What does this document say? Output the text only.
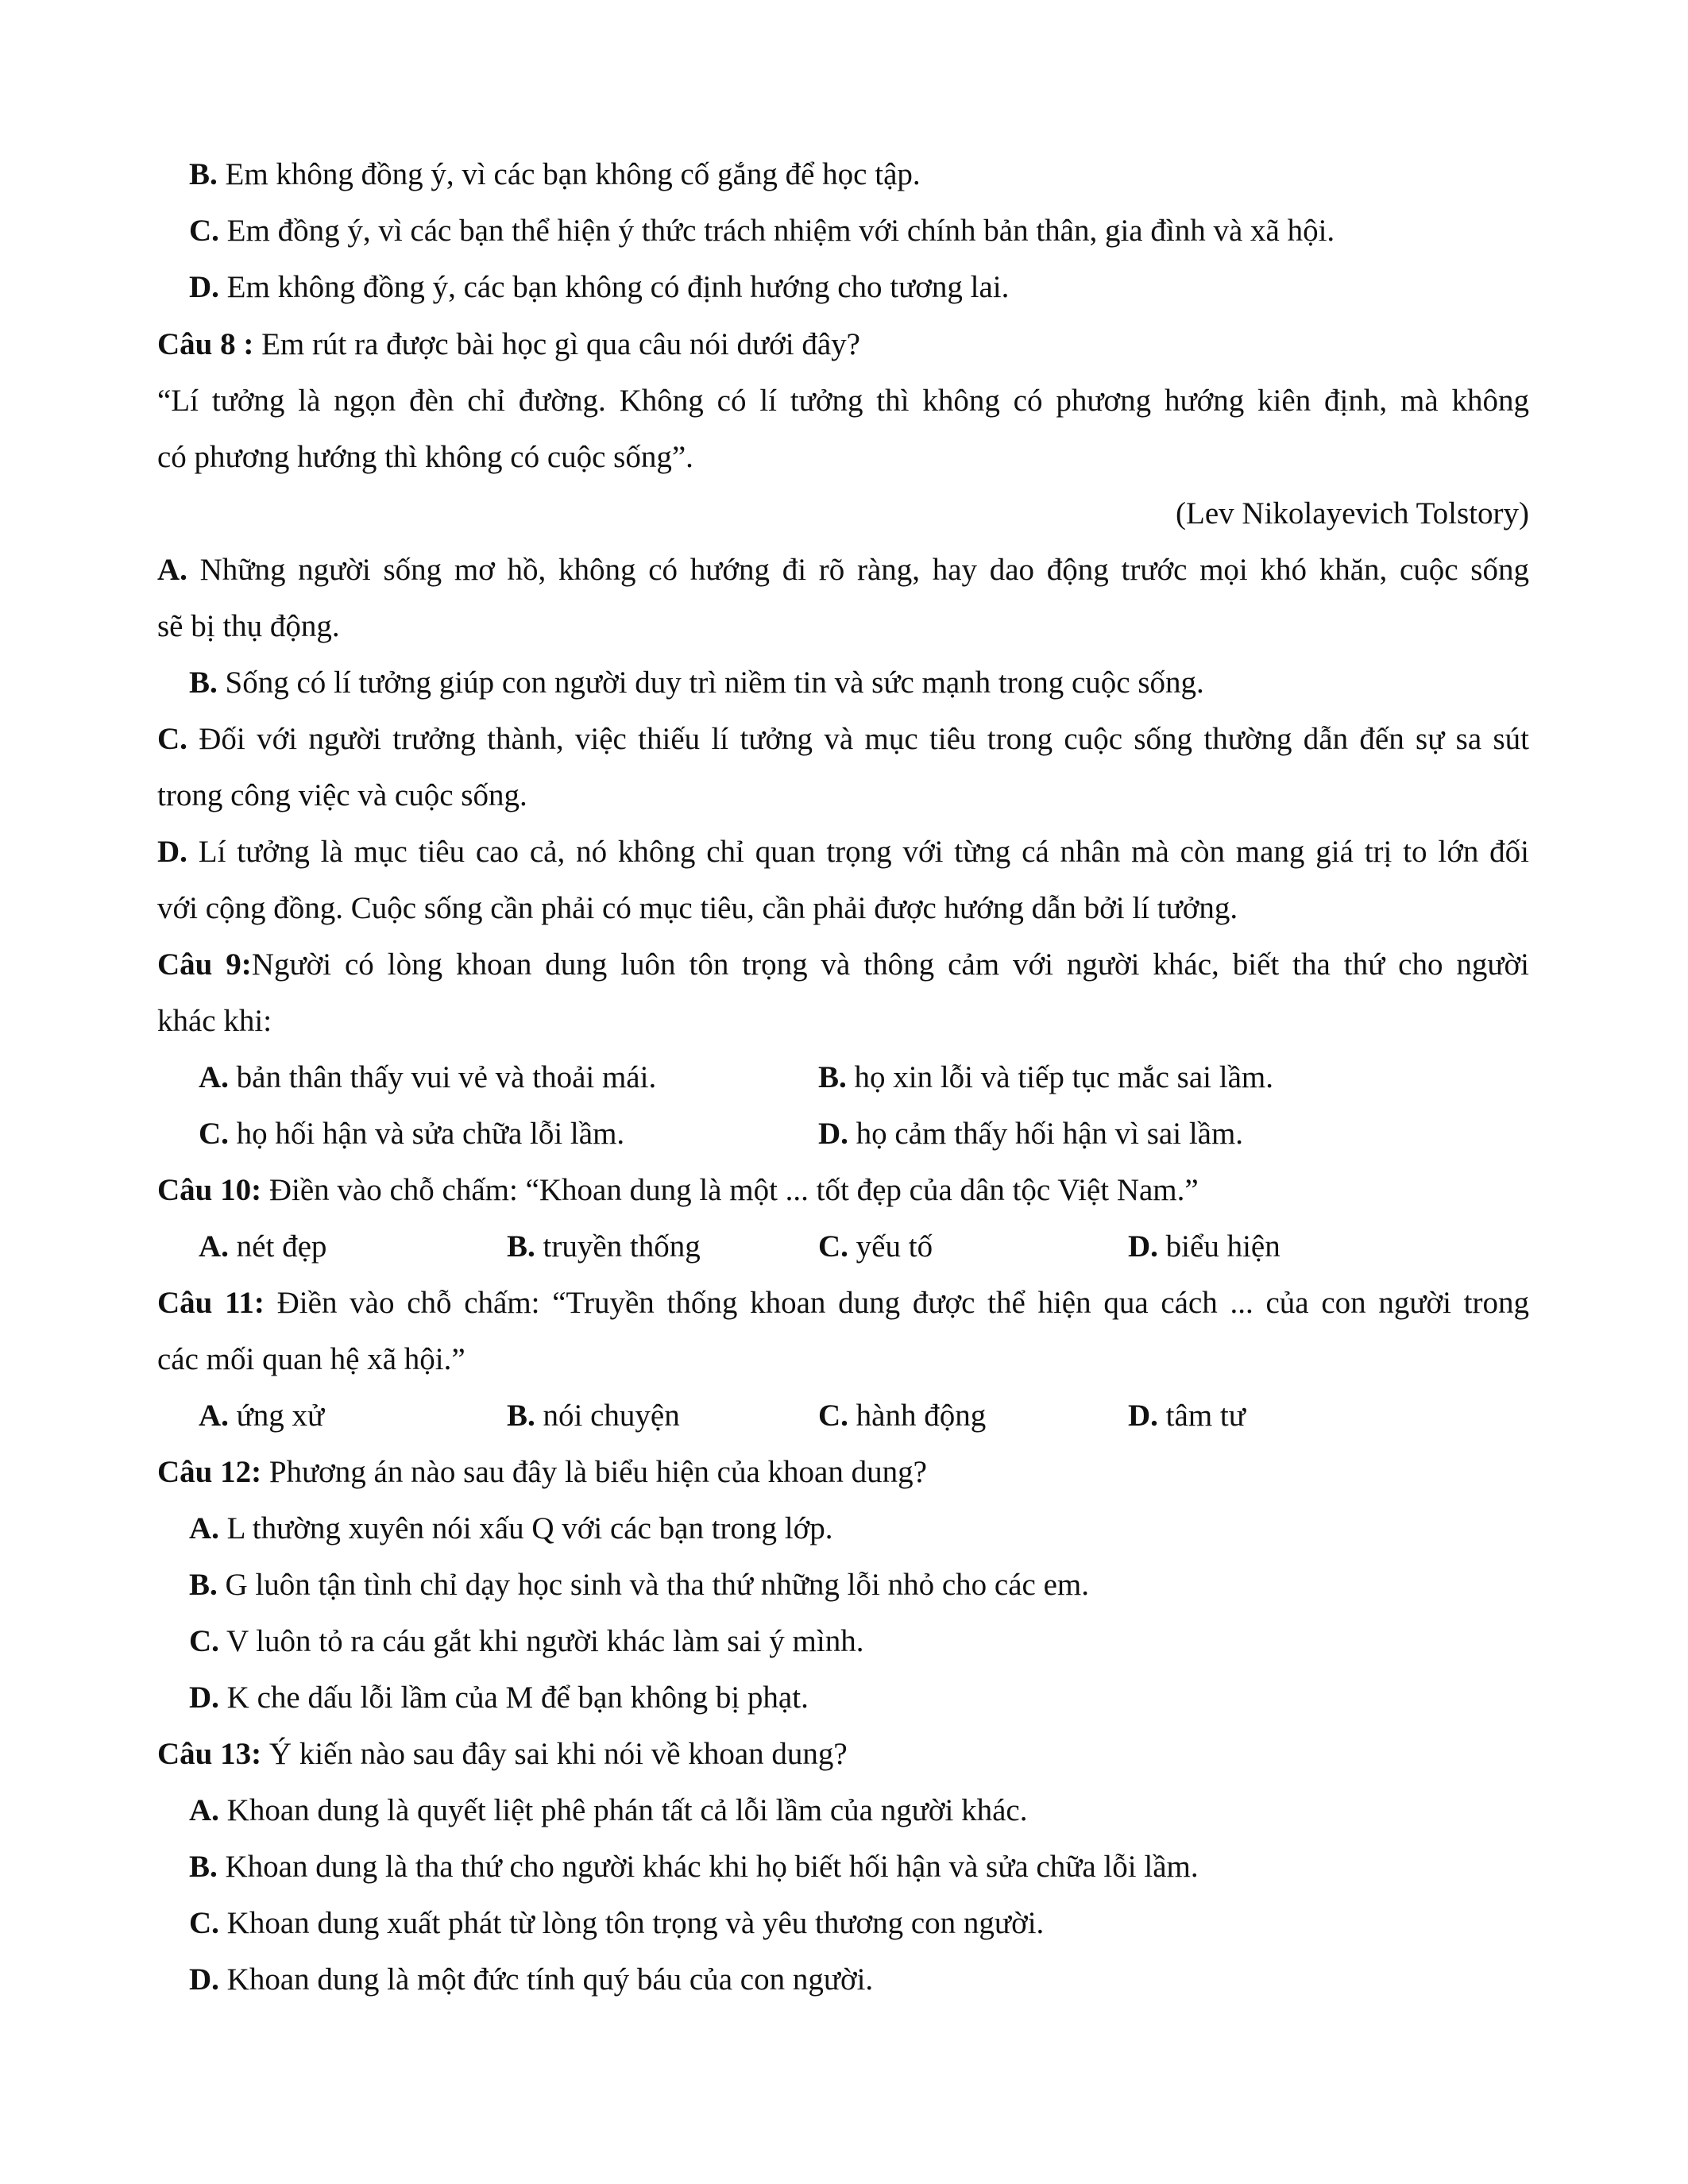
B. Em không đồng ý, vì các bạn không cố gắng để học tập.
C. Em đồng ý, vì các bạn thể hiện ý thức trách nhiệm với chính bản thân, gia đình và xã hội.
D. Em không đồng ý, các bạn không có định hướng cho tương lai.
Câu 8 : Em rút ra được bài học gì qua câu nói dưới đây?
“Lí tưởng là ngọn đèn chỉ đường. Không có lí tưởng thì không có phương hướng kiên định, mà không
có phương hướng thì không có cuộc sống”.
(Lev Nikolayevich Tolstory)
A. Những người sống mơ hồ, không có hướng đi rõ ràng, hay dao động trước mọi khó khăn, cuộc sống
sẽ bị thụ động.
B. Sống có lí tưởng giúp con người duy trì niềm tin và sức mạnh trong cuộc sống.
C. Đối với người trưởng thành, việc thiếu lí tưởng và mục tiêu trong cuộc sống thường dẫn đến sự sa sút
trong công việc và cuộc sống.
D. Lí tưởng là mục tiêu cao cả, nó không chỉ quan trọng với từng cá nhân mà còn mang giá trị to lớn đối
với cộng đồng. Cuộc sống cần phải có mục tiêu, cần phải được hướng dẫn bởi lí tưởng.
Câu 9:Người có lòng khoan dung luôn tôn trọng và thông cảm với người khác, biết tha thứ cho người
khác khi:
A. bản thân thấy vui vẻ và thoải mái.	B. họ xin lỗi và tiếp tục mắc sai lầm.
C. họ hối hận và sửa chữa lỗi lầm.	D. họ cảm thấy hối hận vì sai lầm.
Câu 10: Điền vào chỗ chấm: “Khoan dung là một ... tốt đẹp của dân tộc Việt Nam.”
A. nét đẹp	B. truyền thống	C. yếu tố	D. biểu hiện
Câu 11: Điền vào chỗ chấm: “Truyền thống khoan dung được thể hiện qua cách ... của con người trong
các mối quan hệ xã hội.”
A. ứng xử	B. nói chuyện	C. hành động	D. tâm tư
Câu 12: Phương án nào sau đây là biểu hiện của khoan dung?
A. L thường xuyên nói xấu Q với các bạn trong lớp.
B. G luôn tận tình chỉ dạy học sinh và tha thứ những lỗi nhỏ cho các em.
C. V luôn tỏ ra cáu gắt khi người khác làm sai ý mình.
D. K che dấu lỗi lầm của M để bạn không bị phạt.
Câu 13: Ý kiến nào sau đây sai khi nói về khoan dung?
A. Khoan dung là quyết liệt phê phán tất cả lỗi lầm của người khác.
B. Khoan dung là tha thứ cho người khác khi họ biết hối hận và sửa chữa lỗi lầm.
C. Khoan dung xuất phát từ lòng tôn trọng và yêu thương con người.
D. Khoan dung là một đức tính quý báu của con người.
